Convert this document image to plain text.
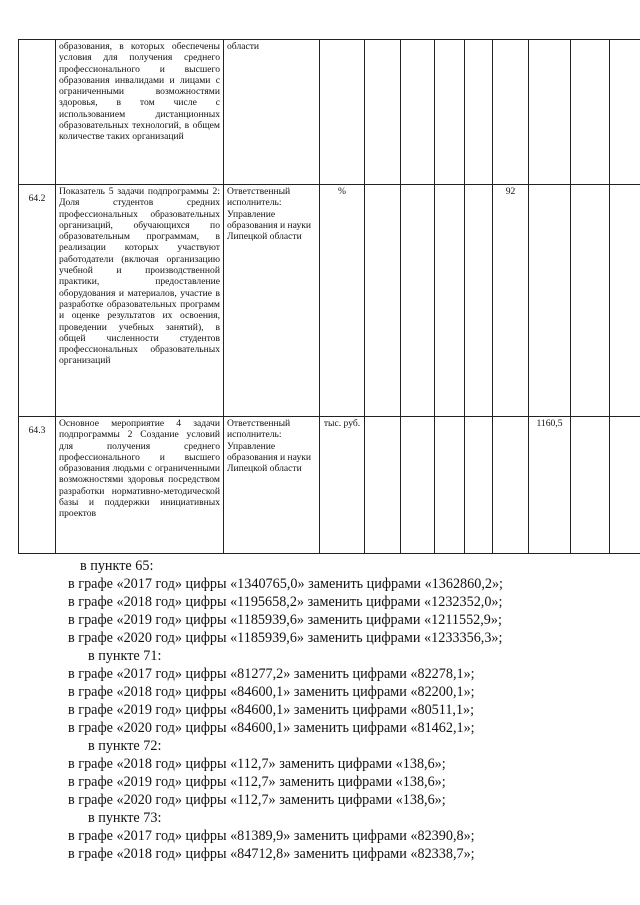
	образования, в которых обеспечены условия для получения среднего профессионального и высшего образования инвалидами и лицами с ограниченными возможностями здоровья, в том числе с использованием дистанционных образовательных технологий, в общем количестве таких организаций	области										
64.2	Показатель 5 задачи подпрограммы 2: Доля студентов средних профессиональных образовательных организаций, обучающихся по образовательным программам, в реализации которых участвуют работодатели (включая организацию учебной и производственной практики, предоставление оборудования и материалов, участие в разработке образовательных программ и оценке результатов их освоения, проведении учебных занятий), в общей численности студентов профессиональных образовательных организаций	Ответственный исполнитель: Управление образования и науки Липецкой области	%					92				
64.3	Основное мероприятие 4 задачи подпрограммы 2 Создание условий для получения среднего профессионального и высшего образования людьми с ограниченными возможностями здоровья посредством разработки нормативно-методической базы и поддержки инициативных проектов	Ответственный исполнитель: Управление образования и науки Липецкой области	тыс. руб.						1160,5			
в пункте 65:
в графе «2017 год» цифры «1340765,0» заменить цифрами «1362860,2»;
в графе «2018 год» цифры «1195658,2» заменить цифрами «1232352,0»;
в графе «2019 год» цифры «1185939,6» заменить цифрами «1211552,9»;
в графе «2020 год» цифры «1185939,6» заменить цифрами «1233356,3»;
в пункте 71:
в графе «2017 год» цифры «81277,2» заменить цифрами «82278,1»;
в графе «2018 год» цифры «84600,1» заменить цифрами «82200,1»;
в графе «2019 год» цифры «84600,1» заменить цифрами «80511,1»;
в графе «2020 год» цифры «84600,1» заменить цифрами «81462,1»;
в пункте 72:
в графе «2018 год» цифры «112,7» заменить цифрами «138,6»;
в графе «2019 год» цифры «112,7» заменить цифрами «138,6»;
в графе «2020 год» цифры «112,7» заменить цифрами «138,6»;
в пункте 73:
в графе «2017 год» цифры «81389,9» заменить цифрами «82390,8»;
в графе «2018 год» цифры «84712,8» заменить цифрами «82338,7»;
